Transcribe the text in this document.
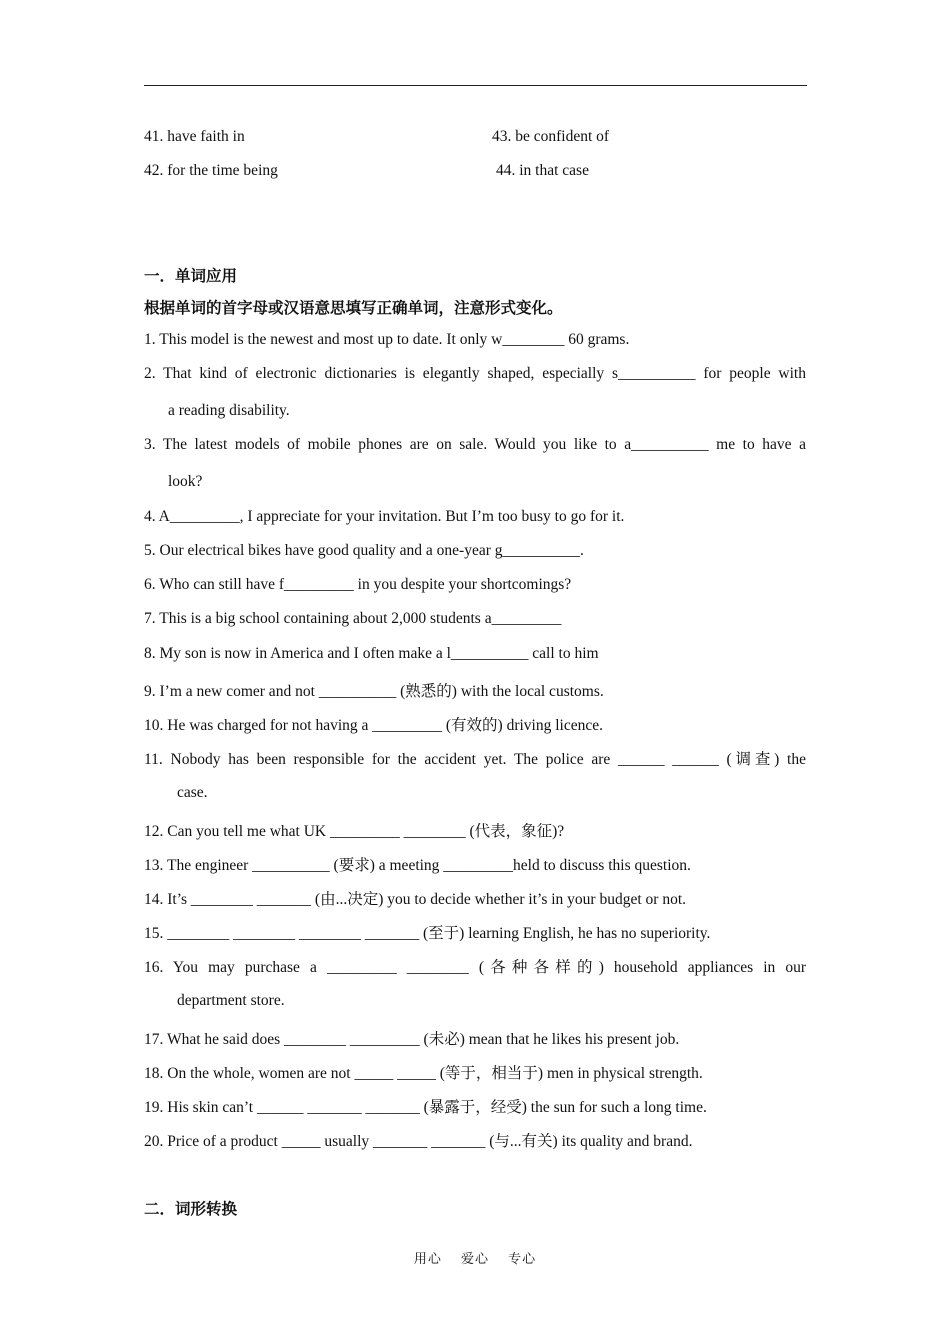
41. have faith in
42. for the time being
43. be confident of
44. in that case
一．单词应用
根据单词的首字母或汉语意思填写正确单词，注意形式变化。
1. This model is the newest and most up to date. It only w________ 60 grams.
2. That kind of electronic dictionaries is elegantly shaped, especially s__________ for people with
a reading disability.
3. The latest models of mobile phones are on sale. Would you like to a__________ me to have a
look?
4. A_________, I appreciate for your invitation. But I’m too busy to go for it.
5. Our electrical bikes have good quality and a one-year g__________.
6. Who can still have f_________ in you despite your shortcomings?
7. This is a big school containing about 2,000 students a_________
8. My son is now in America and I often make a l__________ call to him
9. I’m a new comer and not __________ (熟悉的) with the local customs.
10. He was charged for not having a _________ (有效的) driving licence.
11. Nobody has been responsible for the accident yet. The police are ______ ______ (调查) the
case.
12. Can you tell me what UK _________ ________ (代表，象征)?
13. The engineer __________ (要求) a meeting _________held to discuss this question.
14. It’s ________ _______ (由...决定) you to decide whether it’s in your budget or not.
15. ________ ________ ________ _______ (至于) learning English, he has no superiority.
16. You may purchase a _________ ________ (各种各样的) household appliances in our
department store.
17. What he said does ________ _________ (未必) mean that he likes his present job.
18. On the whole, women are not _____ _____ (等于，相当于) men in physical strength.
19. His skin can’t ______ _______ _______ (暴露于，经受) the sun for such a long time.
20. Price of a product _____ usually _______ _______ (与...有关) its quality and brand.
二．词形转换
用心 爱心 专心
